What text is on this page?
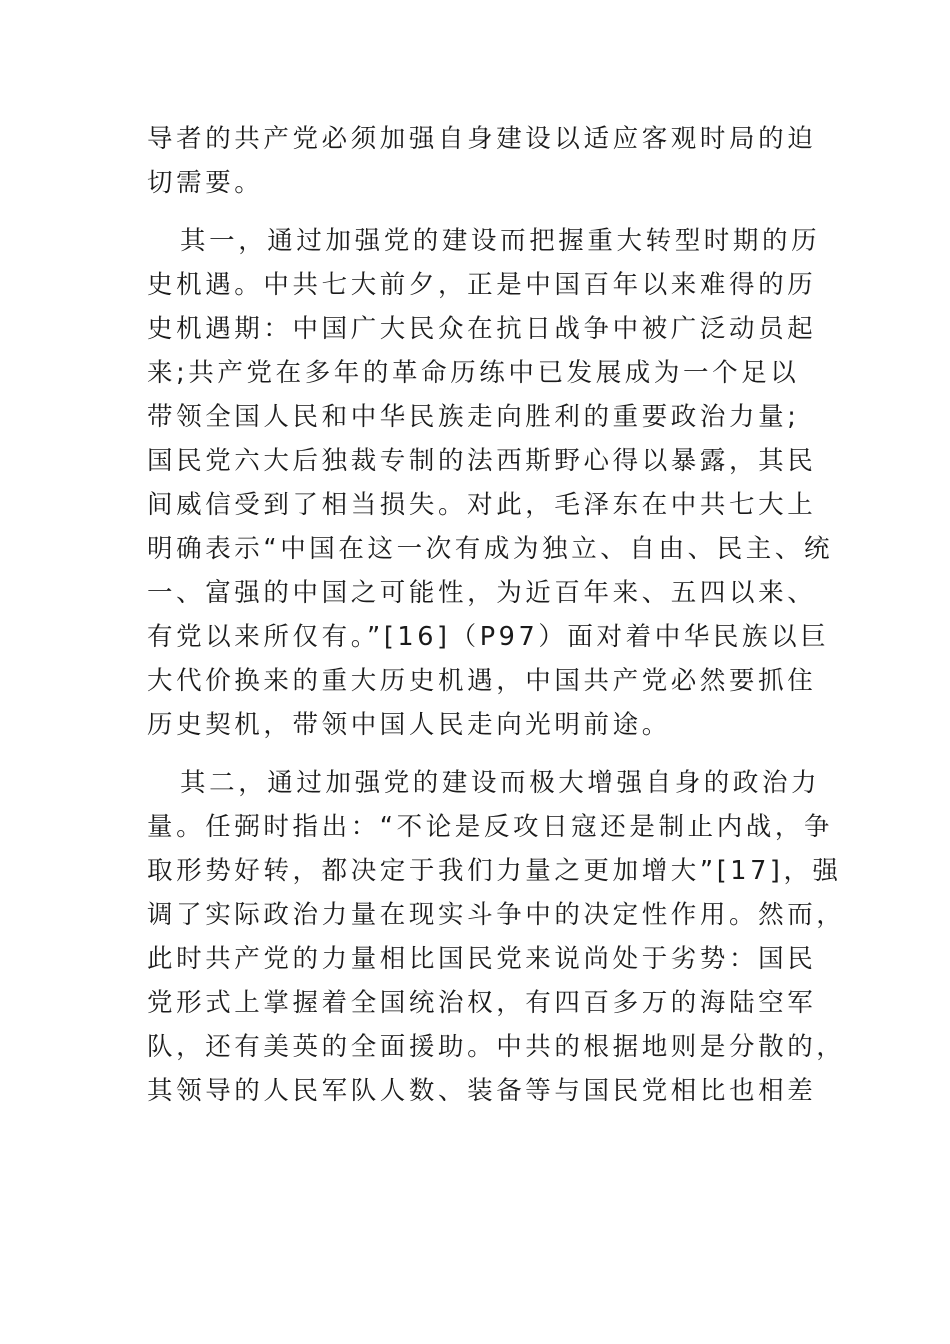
导者的共产党必须加强自身建设以适应客观时局的迫

切需要。

其一，通过加强党的建设而把握重大转型时期的历

史机遇。中共七大前夕，正是中国百年以来难得的历

史机遇期：中国广大民众在抗日战争中被广泛动员起

来;共产党在多年的革命历练中已发展成为一个足以

带领全国人民和中华民族走向胜利的重要政治力量;

国民党六大后独裁专制的法西斯野心得以暴露，其民

间威信受到了相当损失。对此，毛泽东在中共七大上

明确表示“中国在这一次有成为独立、自由、民主、统

一、富强的中国之可能性，为近百年来、五四以来、

有党以来所仅有。”[16]（P97）面对着中华民族以巨

大代价换来的重大历史机遇，中国共产党必然要抓住

历史契机，带领中国人民走向光明前途。

其二，通过加强党的建设而极大增强自身的政治力

量。任弼时指出：“不论是反攻日寇还是制止内战，争

取形势好转，都决定于我们力量之更加增大”[17]，强

调了实际政治力量在现实斗争中的决定性作用。然而，

此时共产党的力量相比国民党来说尚处于劣势：国民

党形式上掌握着全国统治权，有四百多万的海陆空军

队，还有美英的全面援助。中共的根据地则是分散的，

其领导的人民军队人数、装备等与国民党相比也相差
